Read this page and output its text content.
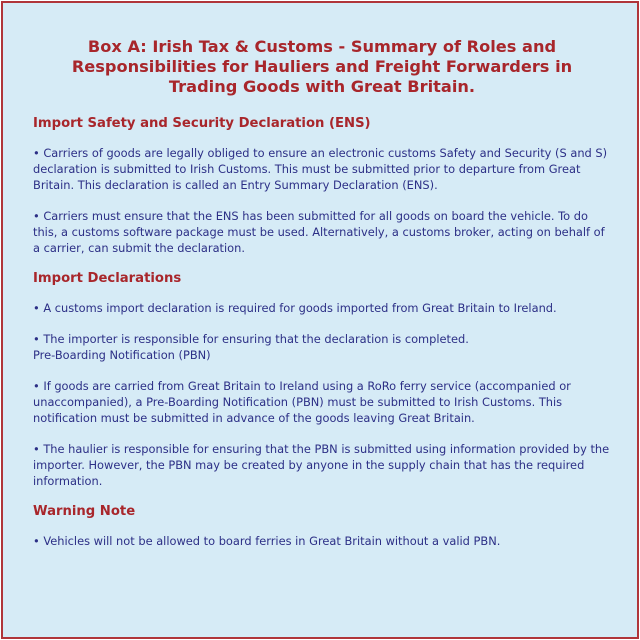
Box A: Irish Tax & Customs - Summary of Roles and Responsibilities for Hauliers and Freight Forwarders in Trading Goods with Great Britain.
Import Safety and Security Declaration (ENS)
• Carriers of goods are legally obliged to ensure an electronic customs Safety and Security (S and S) declaration is submitted to Irish Customs. This must be submitted prior to departure from Great Britain. This declaration is called an Entry Summary Declaration (ENS).
• Carriers must ensure that the ENS has been submitted for all goods on board the vehicle. To do this, a customs software package must be used. Alternatively, a customs broker, acting on behalf of a carrier, can submit the declaration.
Import Declarations
• A customs import declaration is required for goods imported from Great Britain to Ireland.
• The importer is responsible for ensuring that the declaration is completed.
Pre-Boarding Notification (PBN)
• If goods are carried from Great Britain to Ireland using a RoRo ferry service (accompanied or unaccompanied), a Pre-Boarding Notification (PBN) must be submitted to Irish Customs. This notification must be submitted in advance of the goods leaving Great Britain.
• The haulier is responsible for ensuring that the PBN is submitted using information provided by the importer. However, the PBN may be created by anyone in the supply chain that has the required information.
Warning Note
• Vehicles will not be allowed to board ferries in Great Britain without a valid PBN.
